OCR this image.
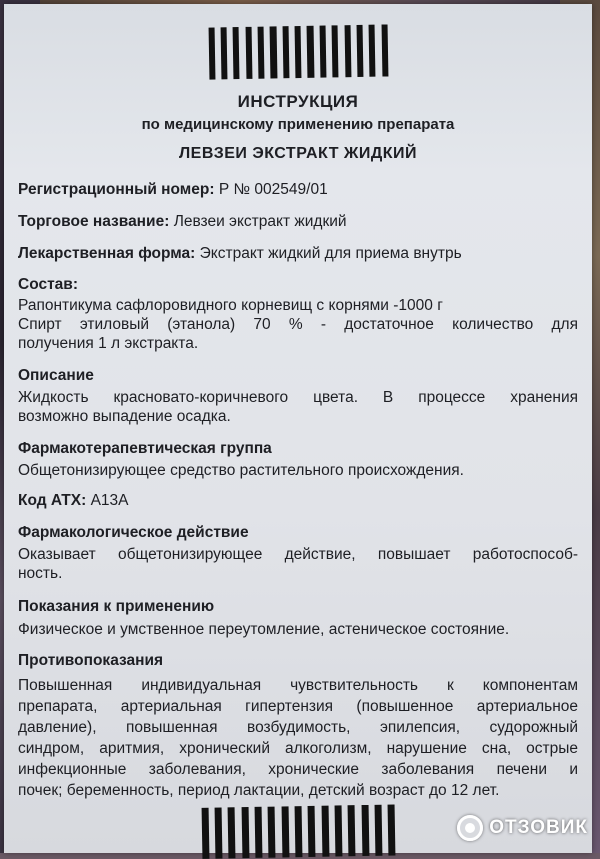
ИНСТРУКЦИЯ
по медицинскому применению препарата
ЛЕВЗЕИ ЭКСТРАКТ ЖИДКИЙ
Регистрационный номер: Р № 002549/01
Торговое название: Левзеи экстракт жидкий
Лекарственная форма: Экстракт жидкий для приема внутрь
Состав:
Рапонтикума сафлоровидного корневищ с корнями -1000 г
Спирт этиловый (этанола) 70 % - достаточное количество для
получения 1 л экстракта.
Описание
Жидкость красновато-коричневого цвета. В процессе хранения
возможно выпадение осадка.
Фармакотерапевтическая группа
Общетонизирующее средство растительного происхождения.
Код АТХ: A13A
Фармакологическое действие
Оказывает общетонизирующее действие, повышает работоспособ-
ность.
Показания к применению
Физическое и умственное переутомление, астеническое состояние.
Противопоказания
Повышенная индивидуальная чувствительность к компонентам
препарата, артериальная гипертензия (повышенное артериальное
давление), повышенная возбудимость, эпилепсия, судорожный
синдром, аритмия, хронический алкоголизм, нарушение сна, острые
инфекционные заболевания, хронические заболевания печени и
почек; беременность, период лактации, детский возраст до 12 лет.
ОТЗОВИК
